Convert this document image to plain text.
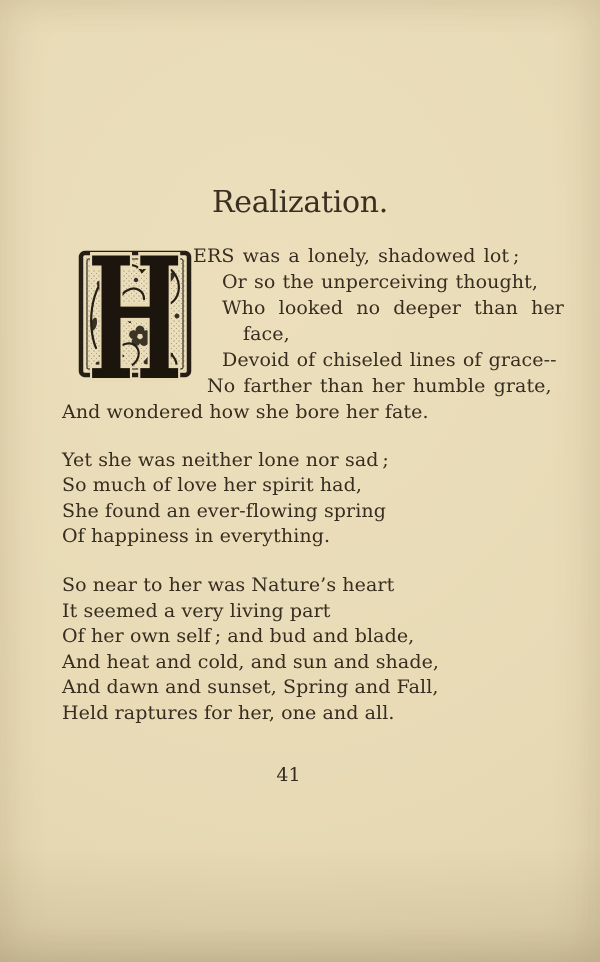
Realization.
H ERS was a lonely, shadowed lot ;
Or so the unperceiving thought,
Who looked no deeper than her
face,
Devoid of chiseled lines of grace--
No farther than her humble grate,
And wondered how she bore her fate.
Yet she was neither lone nor sad ;
So much of love her spirit had,
She found an ever-flowing spring
Of happiness in everything.
So near to her was Nature’s heart
It seemed a very living part
Of her own self ; and bud and blade,
And heat and cold, and sun and shade,
And dawn and sunset, Spring and Fall,
Held raptures for her, one and all.
41
